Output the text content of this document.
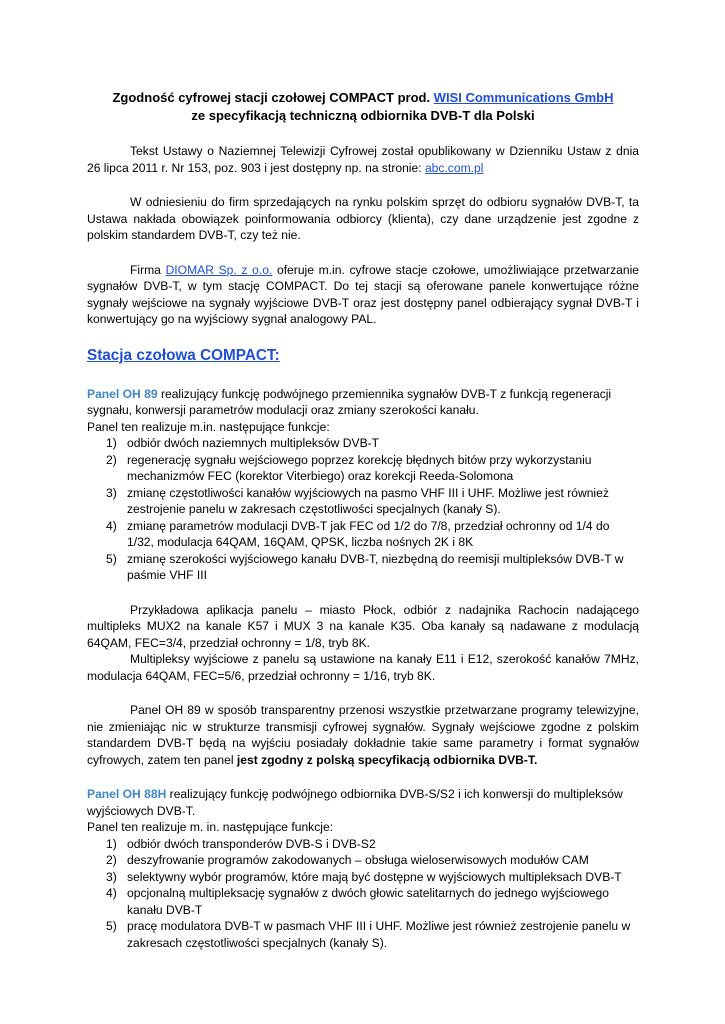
Zgodność cyfrowej stacji czołowej COMPACT prod. WISI Communications GmbH
ze specyfikacją techniczną odbiornika DVB-T dla Polski

Tekst Ustawy o Naziemnej Telewizji Cyfrowej został opublikowany w Dzienniku Ustaw z dnia 26 lipca 2011 r. Nr 153, poz. 903 i jest dostępny np. na stronie: abc.com.pl

W odniesieniu do firm sprzedających na rynku polskim sprzęt do odbioru sygnałów DVB-T, ta Ustawa nakłada obowiązek poinformowania odbiorcy (klienta), czy dane urządzenie jest zgodne z polskim standardem DVB-T, czy też nie.

Firma DIOMAR Sp. z o.o. oferuje m.in. cyfrowe stacje czołowe, umożliwiające przetwarzanie sygnałów DVB-T, w tym stację COMPACT. Do tej stacji są oferowane panele konwertujące różne sygnały wejściowe na sygnały wyjściowe DVB-T oraz jest dostępny panel odbierający sygnał DVB-T i konwertujący go na wyjściowy sygnał analogowy PAL.

Stacja czołowa COMPACT:

Panel OH 89 realizujący funkcję podwójnego przemiennika sygnałów DVB-T z funkcją regeneracji sygnału, konwersji parametrów modulacji oraz zmiany szerokości kanału.

Panel ten realizuje m.in. następujące funkcje:

1) odbiór dwóch naziemnych multipleksów DVB-T
2) regenerację sygnału wejściowego poprzez korekcję błędnych bitów przy wykorzystaniu mechanizmów FEC (korektor Viterbiego) oraz korekcji Reeda-Solomona
3) zmianę częstotliwości kanałów wyjściowych na pasmo VHF III i UHF. Możliwe jest również zestrojenie panelu w zakresach częstotliwości specjalnych (kanały S).
4) zmianę parametrów modulacji DVB-T jak FEC od 1/2 do 7/8, przedział ochronny od 1/4 do 1/32, modulacja 64QAM, 16QAM, QPSK, liczba nośnych 2K i 8K
5) zmianę szerokości wyjściowego kanału DVB-T, niezbędną do reemisji multipleksów DVB-T w paśmie VHF III

Przykładowa aplikacja panelu – miasto Płock, odbiór z nadajnika Rachocin nadającego multipleks MUX2 na kanale K57 i MUX 3 na kanale K35. Oba kanały są nadawane z modulacją 64QAM, FEC=3/4, przedział ochronny = 1/8, tryb 8K.

Multipleksy wyjściowe z panelu są ustawione na kanały E11 i E12, szerokość kanałów 7MHz, modulacja 64QAM, FEC=5/6, przedział ochronny = 1/16, tryb 8K.

Panel OH 89 w sposób transparentny przenosi wszystkie przetwarzane programy telewizyjne, nie zmieniając nic w strukturze transmisji cyfrowej sygnałów. Sygnały wejściowe zgodne z polskim standardem DVB-T będą na wyjściu posiadały dokładnie takie same parametry i format sygnałów cyfrowych, zatem ten panel jest zgodny z polską specyfikacją odbiornika DVB-T.

Panel OH 88H realizujący funkcję podwójnego odbiornika DVB-S/S2 i ich konwersji do multipleksów wyjściowych DVB-T.

Panel ten realizuje m. in. następujące funkcje:

1) odbiór dwóch transponderów DVB-S i DVB-S2
2) deszyfrowanie programów zakodowanych – obsługa wieloserwisowych modułów CAM
3) selektywny wybór programów, które mają być dostępne w wyjściowych multipleksach DVB-T
4) opcjonalną multipleksację sygnałów z dwóch głowic satelitarnych do jednego wyjściowego kanału DVB-T
5) pracę modulatora DVB-T w pasmach VHF III i UHF. Możliwe jest również zestrojenie panelu w zakresach częstotliwości specjalnych (kanały S).
